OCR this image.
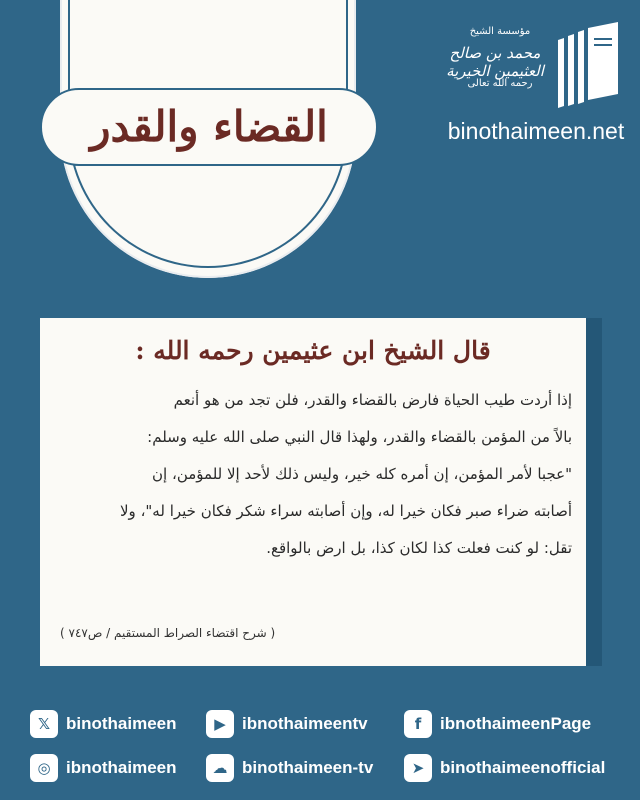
القضاء والقدر
مؤسسة الشيخ
محمد بن صالح العثيمين الخيرية
رحمه الله تعالى
binothaimeen.net
قال الشيخ ابن عثيمين رحمه الله :
إذا أردت طيب الحياة فارض بالقضاء والقدر، فلن تجد من هو أنعم
بالاً من المؤمن بالقضاء والقدر، ولهذا قال النبي صلى الله عليه وسلم:
"عجبا لأمر المؤمن، إن أمره كله خير، وليس ذلك لأحد إلا للمؤمن، إن
أصابته ضراء صبر فكان خيرا له، وإن أصابته سراء شكر فكان خيرا له"، ولا
تقل: لو كنت فعلت كذا لكان كذا، بل ارض بالواقع.
( شرح اقتضاء الصراط المستقيم / ص٧٤٧ )
𝕏 binothaimeen	▶ ibnothaimeentv	f	ibnothaimeenPage
◎ ibnothaimeen	☁ binothaimeen-tv	➤ binothaimeenofficial
